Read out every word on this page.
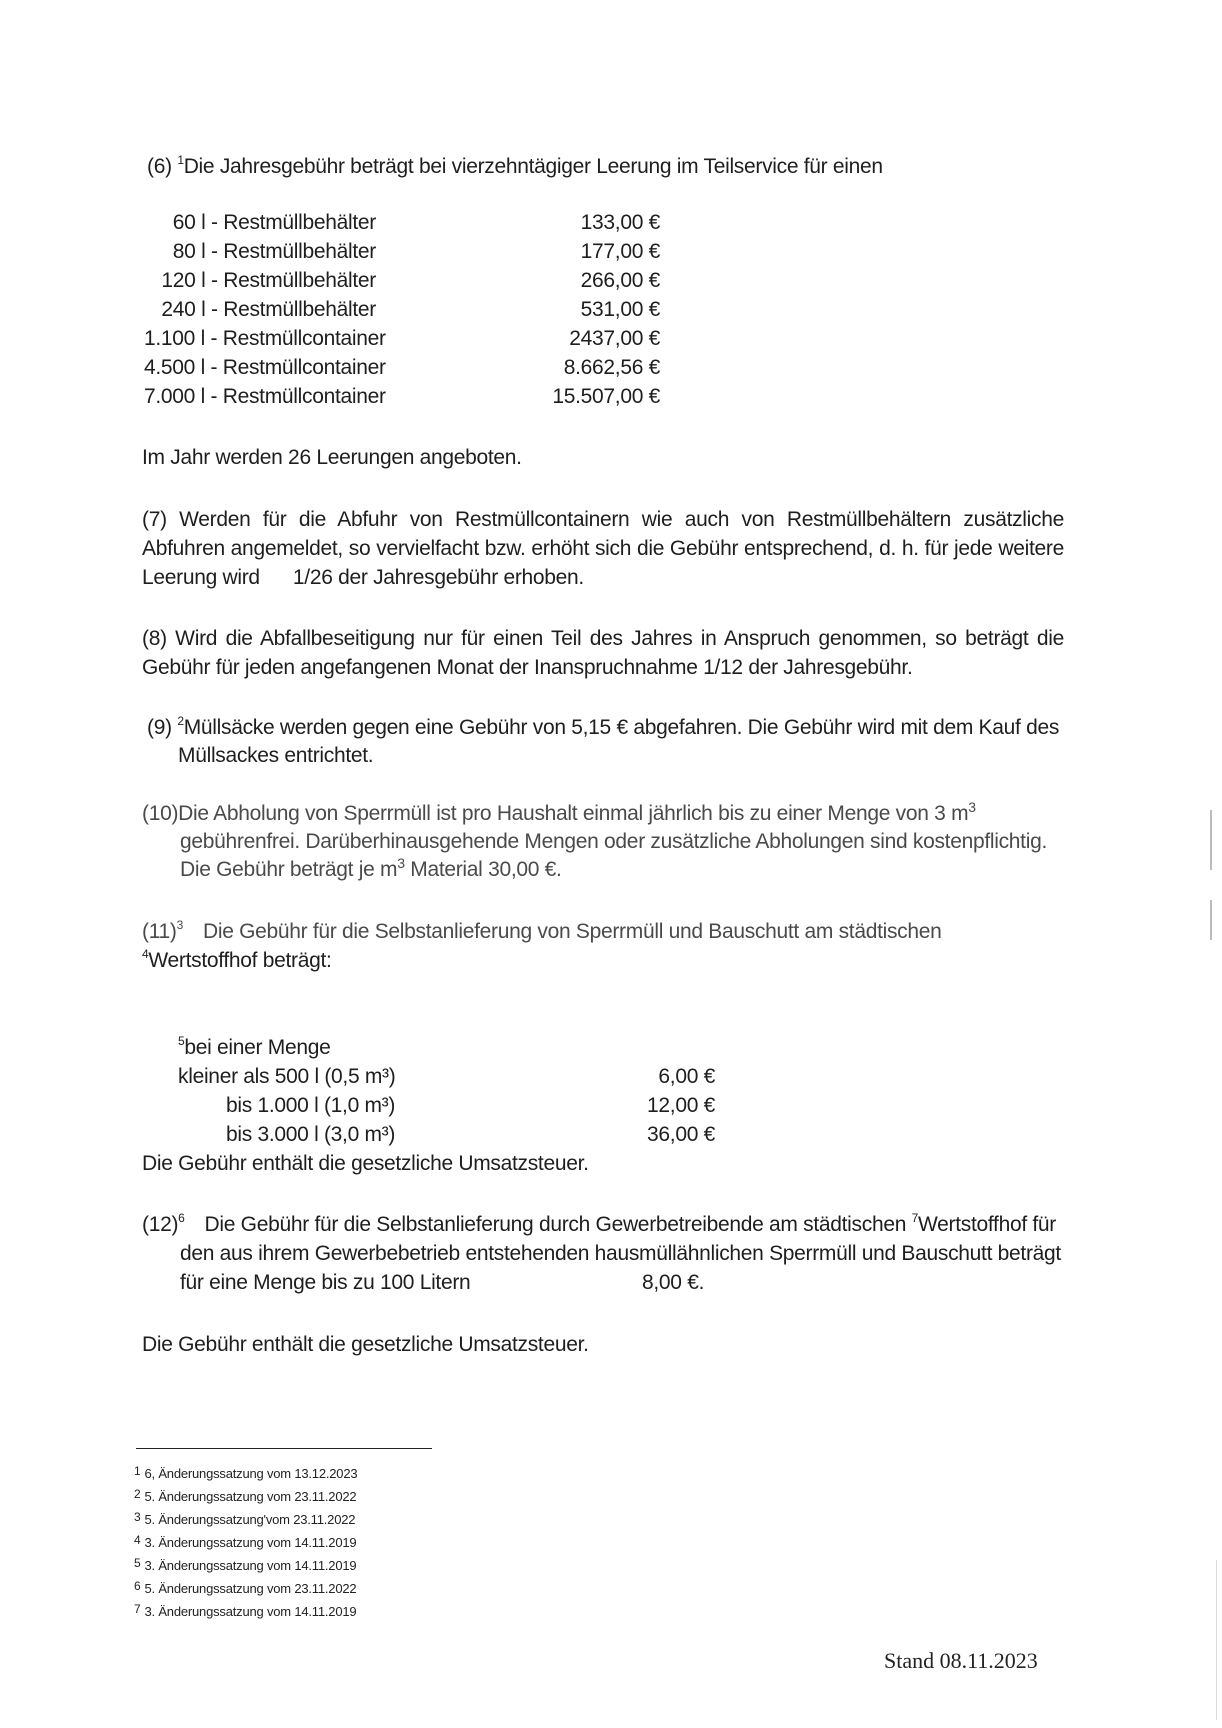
(6) $^1$Die Jahresgebühr beträgt bei vierzehntägiger Leerung im Teilservice für einen
60 l - Restmüllbehälter	133,00 €
80 l - Restmüllbehälter	177,00 €
120 l - Restmüllbehälter	266,00 €
240 l - Restmüllbehälter	531,00 €
1.100 l - Restmüllcontainer	2437,00 €
4.500 l - Restmüllcontainer	8.662,56 €
7.000 l - Restmüllcontainer	15.507,00 €
Im Jahr werden 26 Leerungen angeboten.
(7) Werden für die Abfuhr von Restmüllcontainern wie auch von Restmüllbehältern zusätzliche
Abfuhren angemeldet, so vervielfacht bzw. erhöht sich die Gebühr entsprechend, d. h. für jede weitere
Leerung wird 1/26 der Jahresgebühr erhoben.
(8) Wird die Abfallbeseitigung nur für einen Teil des Jahres in Anspruch genommen, so beträgt die
Gebühr für jeden angefangenen Monat der Inanspruchnahme 1/12 der Jahresgebühr.
(9) $^2$Müllsäcke werden gegen eine Gebühr von 5,15 € abgefahren. Die Gebühr wird mit dem Kauf des
Müllsackes entrichtet.
(10)Die Abholung von Sperrmüll ist pro Haushalt einmal jährlich bis zu einer Menge von 3 $m^3$
gebührenfrei. Darüberhinausgehende Mengen oder zusätzliche Abholungen sind kostenpflichtig.
Die Gebühr beträgt je $m^3$ Material 30,00 €.
$(11)^3$ Die Gebühr für die Selbstanlieferung von Sperrmüll und Bauschutt am städtischen
$^4$Wertstoffhof beträgt:
$^5$bei einer Menge
kleiner als 500 l (0,5 m³)	6,00 €
bis 1.000 l (1,0 m³)	12,00 €
bis 3.000 l (3,0 m³)	36,00 €
Die Gebühr enthält die gesetzliche Umsatzsteuer.
$(12)^6$ Die Gebühr für die Selbstanlieferung durch Gewerbetreibende am städtischen $^7$Wertstoffhof für
den aus ihrem Gewerbebetrieb entstehenden hausmüllähnlichen Sperrmüll und Bauschutt beträgt
für eine Menge bis zu 100 Litern	8,00 €.
Die Gebühr enthält die gesetzliche Umsatzsteuer.
1 6, Änderungssatzung vom 13.12.2023
2 5. Änderungssatzung vom 23.11.2022
3 5. Änderungssatzung'vom 23.11.2022
4 3. Änderungssatzung vom 14.11.2019
5 3. Änderungssatzung vom 14.11.2019
6 5. Änderungssatzung vom 23.11.2022
7 3. Änderungssatzung vom 14.11.2019
Stand 08.11.2023
